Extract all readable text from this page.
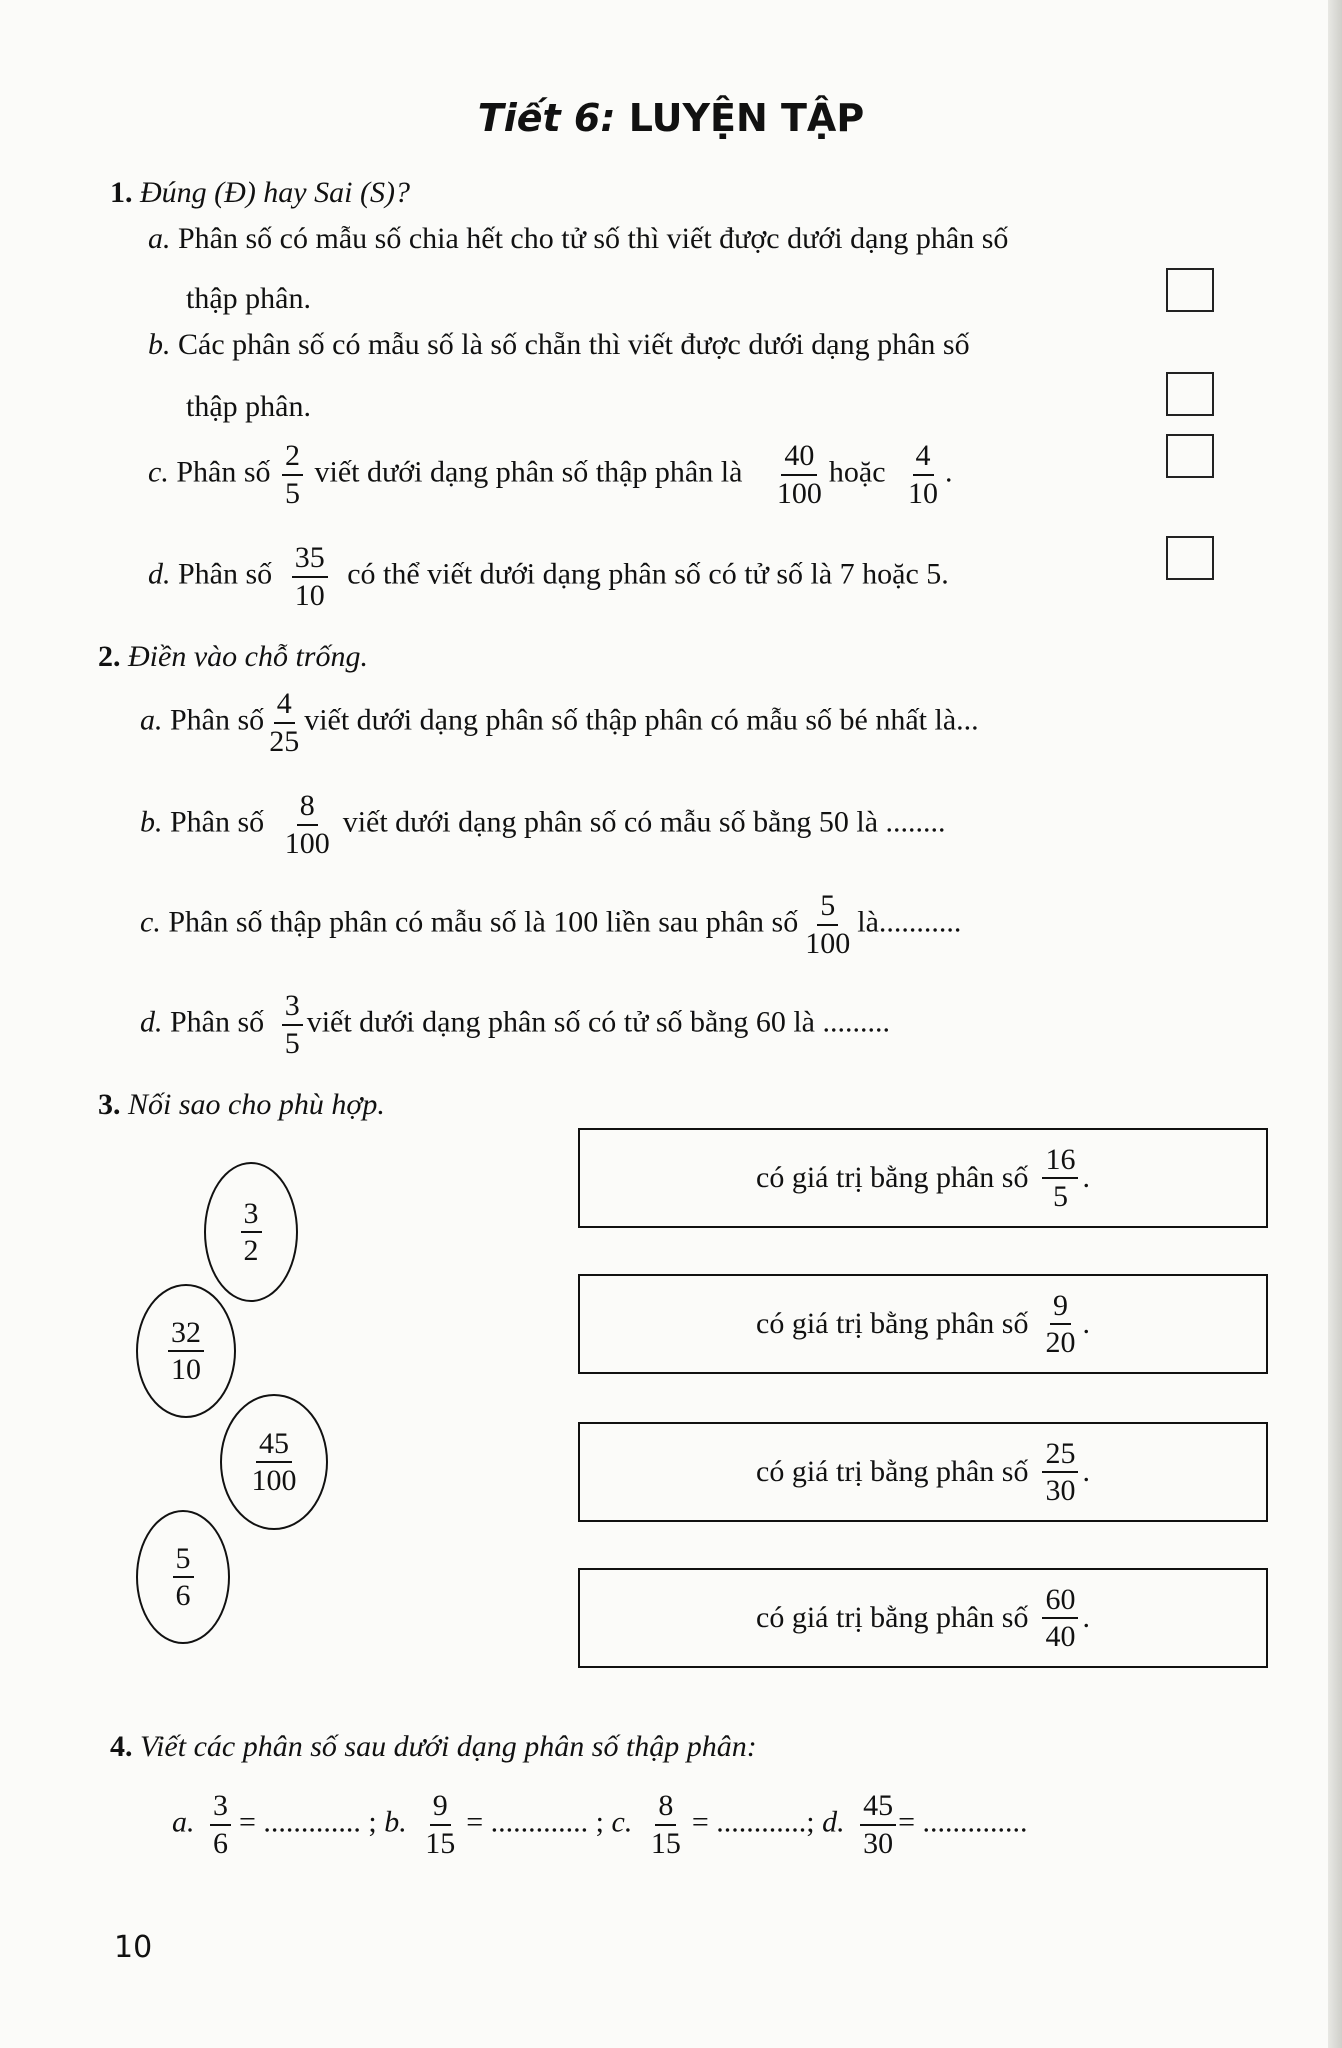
Tiết 6: LUYỆN TẬP
1. Đúng (Đ) hay Sai (S)?
a. Phân số có mẫu số chia hết cho tử số thì viết được dưới dạng phân số
thập phân.
b. Các phân số có mẫu số là số chẵn thì viết được dưới dạng phân số
thập phân.
c. Phân số $\frac{2}{5}$ viết dưới dạng phân số thập phân là $\frac{40}{100}$ hoặc $\frac{4}{10}$ .
d. Phân số $\frac{35}{10}$ có thể viết dưới dạng phân số có tử số là 7 hoặc 5.
2. Điền vào chỗ trống.
a. Phân số $\frac{4}{25}$ viết dưới dạng phân số thập phân có mẫu số bé nhất là...
b. Phân số $\frac{8}{100}$ viết dưới dạng phân số có mẫu số bằng 50 là ........
c. Phân số thập phân có mẫu số là 100 liền sau phân số $\frac{5}{100}$ là...........
d. Phân số $\frac{3}{5}$ viết dưới dạng phân số có tử số bằng 60 là .........
3. Nối sao cho phù hợp.
$\frac{3}{2}$
$\frac{32}{10}$
$\frac{45}{100}$
$\frac{5}{6}$
có giá trị bằng phân số $\frac{16}{5}$ .
có giá trị bằng phân số $\frac{9}{20}$ .
có giá trị bằng phân số $\frac{25}{30}$ .
có giá trị bằng phân số $\frac{60}{40}$ .
4. Viết các phân số sau dưới dạng phân số thập phân:
a. $\frac{3}{6}$ = ............. ; b. $\frac{9}{15}$ = ............. ; c. $\frac{8}{15}$ = ............; d. $\frac{45}{30}$ = ..............
10
